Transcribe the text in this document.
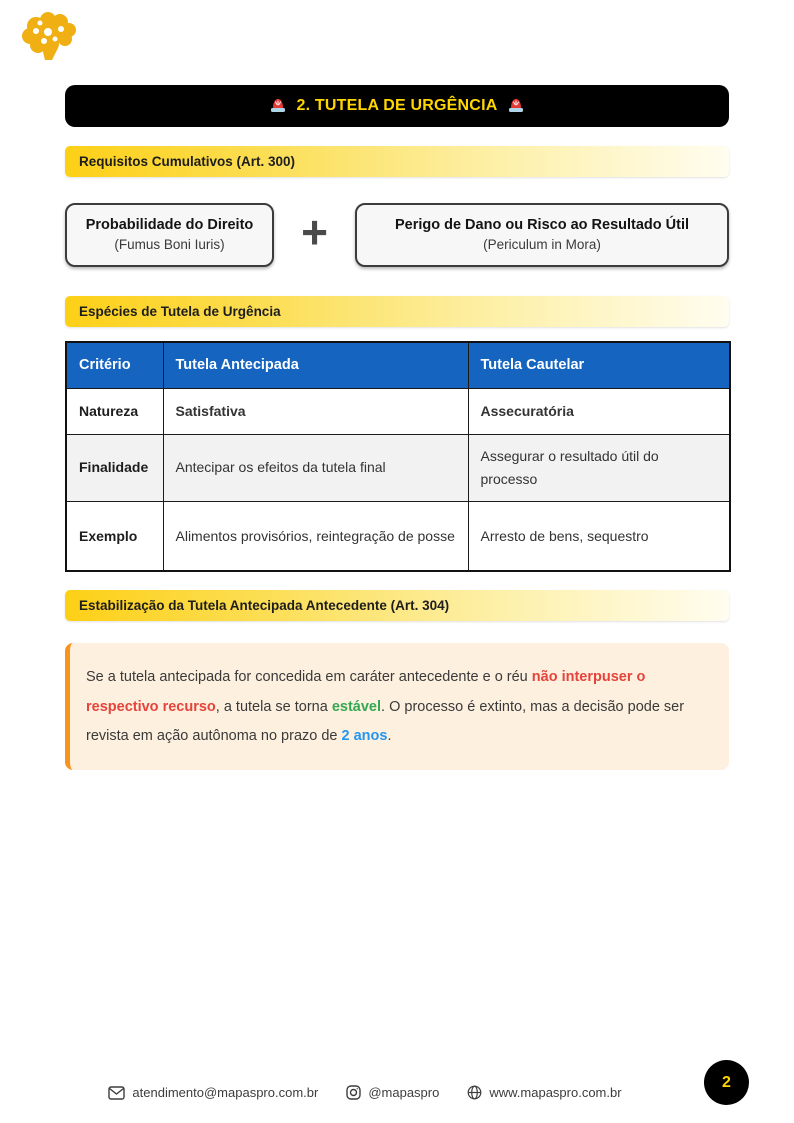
2. TUTELA DE URGÊNCIA
Requisitos Cumulativos (Art. 300)
Probabilidade do Direito
(Fumus Boni Iuris) +	Perigo de Dano ou Risco ao Resultado Útil
(Periculum in Mora)
Espécies de Tutela de Urgência
Critério	Tutela Antecipada	Tutela Cautelar
Natureza	Satisfativa	Assecuratória
Finalidade	Antecipar os efeitos da tutela final	Assegurar o resultado útil do processo
Exemplo	Alimentos provisórios, reintegração de posse	Arresto de bens, sequestro
Estabilização da Tutela Antecipada Antecedente (Art. 304)
Se a tutela antecipada for concedida em caráter antecedente e o réu não interpuser o respectivo recurso, a tutela se torna estável. O processo é extinto, mas a decisão pode ser revista em ação autônoma no prazo de 2 anos.
atendimento@mapaspro.com.br	@mapaspro	www.mapaspro.com.br
2
